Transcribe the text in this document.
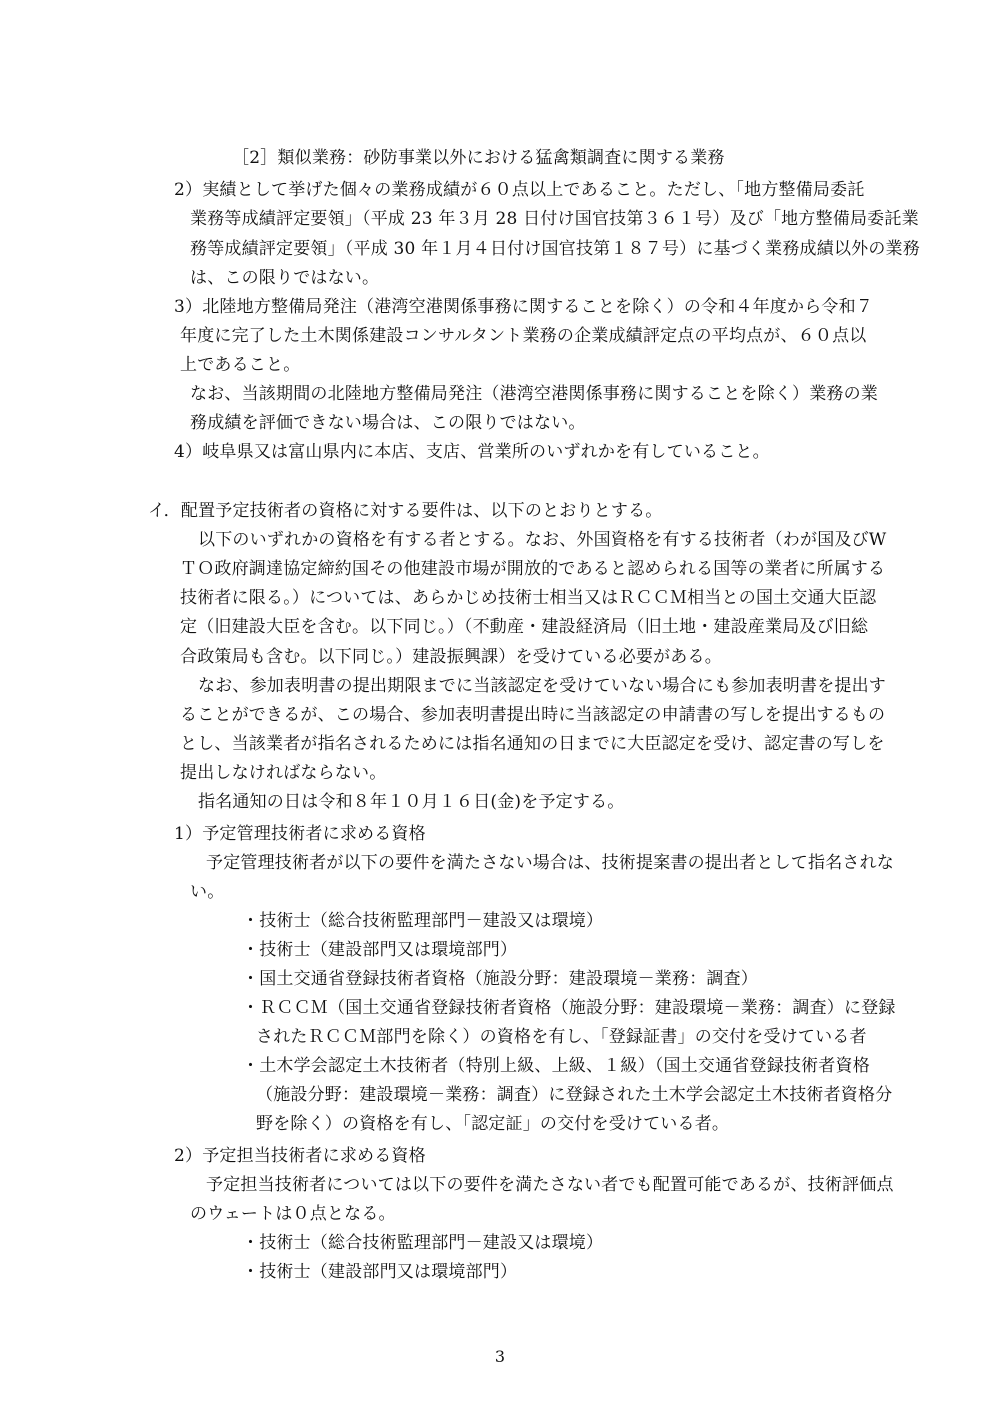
［2］類似業務：砂防事業以外における猛禽類調査に関する業務
2）実績として挙げた個々の業務成績が６０点以上であること。ただし、「地方整備局委託
業務等成績評定要領」（平成 23 年３月 28 日付け国官技第３６１号）及び「地方整備局委託業
務等成績評定要領」（平成 30 年１月４日付け国官技第１８７号）に基づく業務成績以外の業務
は、この限りではない。
3）北陸地方整備局発注（港湾空港関係事務に関することを除く）の令和４年度から令和７
年度に完了した土木関係建設コンサルタント業務の企業成績評定点の平均点が、６０点以
上であること。
なお、当該期間の北陸地方整備局発注（港湾空港関係事務に関することを除く）業務の業
務成績を評価できない場合は、この限りではない。
4）岐阜県又は富山県内に本店、支店、営業所のいずれかを有していること。
イ．配置予定技術者の資格に対する要件は、以下のとおりとする。
以下のいずれかの資格を有する者とする。なお、外国資格を有する技術者（わが国及びW
ＴＯ政府調達協定締約国その他建設市場が開放的であると認められる国等の業者に所属する
技術者に限る。）については、あらかじめ技術士相当又はＲＣＣＭ相当との国土交通大臣認
定（旧建設大臣を含む。以下同じ。）（不動産・建設経済局（旧土地・建設産業局及び旧総
合政策局も含む。以下同じ。）建設振興課）を受けている必要がある。
なお、参加表明書の提出期限までに当該認定を受けていない場合にも参加表明書を提出す
ることができるが、この場合、参加表明書提出時に当該認定の申請書の写しを提出するもの
とし、当該業者が指名されるためには指名通知の日までに大臣認定を受け、認定書の写しを
提出しなければならない。
指名通知の日は令和８年１０月１６日(金)を予定する。
1）予定管理技術者に求める資格
予定管理技術者が以下の要件を満たさない場合は、技術提案書の提出者として指名されな
い。
・技術士（総合技術監理部門－建設又は環境）
・技術士（建設部門又は環境部門）
・国土交通省登録技術者資格（施設分野：建設環境－業務：調査）
・ＲＣＣＭ（国土交通省登録技術者資格（施設分野：建設環境－業務：調査）に登録
されたＲＣＣＭ部門を除く）の資格を有し、「登録証書」の交付を受けている者
・土木学会認定土木技術者（特別上級、上級、１級）（国土交通省登録技術者資格
（施設分野：建設環境－業務：調査）に登録された土木学会認定土木技術者資格分
野を除く）の資格を有し、「認定証」の交付を受けている者。
2）予定担当技術者に求める資格
予定担当技術者については以下の要件を満たさない者でも配置可能であるが、技術評価点
のウェートは０点となる。
・技術士（総合技術監理部門－建設又は環境）
・技術士（建設部門又は環境部門）
3
